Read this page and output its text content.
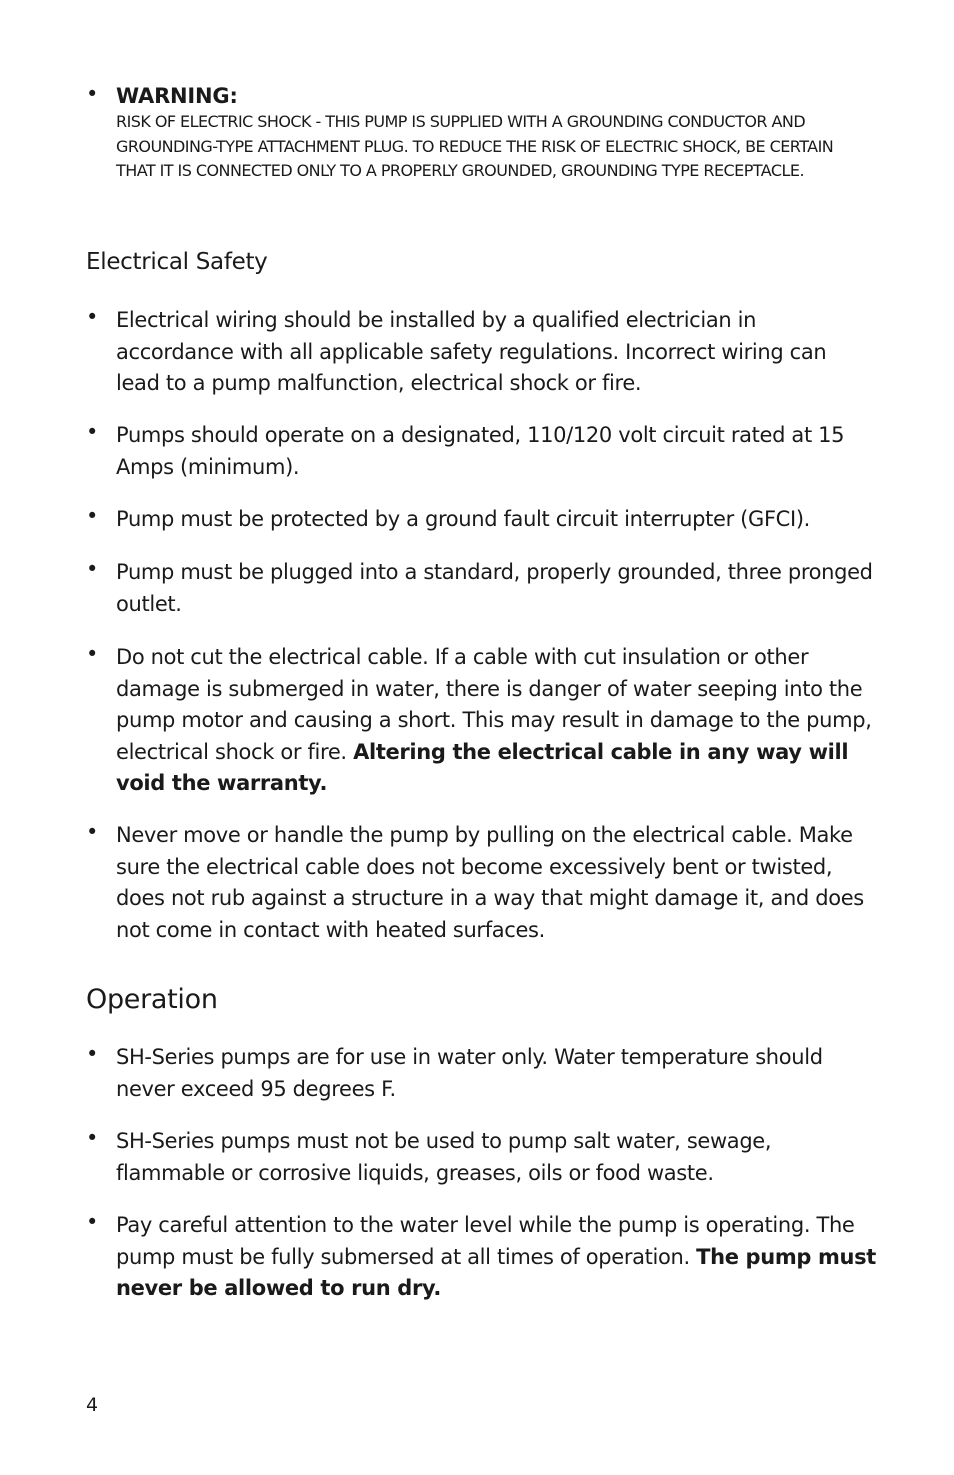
• WARNING:
RISK OF ELECTRIC SHOCK - THIS PUMP IS SUPPLIED WITH A GROUNDING CONDUCTOR AND GROUNDING-TYPE ATTACHMENT PLUG. TO REDUCE THE RISK OF ELECTRIC SHOCK, BE CERTAIN THAT IT IS CONNECTED ONLY TO A PROPERLY GROUNDED, GROUNDING TYPE RECEPTACLE.
Electrical Safety
• Electrical wiring should be installed by a qualified electrician in accordance with all applicable safety regulations. Incorrect wiring can lead to a pump malfunction, electrical shock or fire.
• Pumps should operate on a designated, 110/120 volt circuit rated at 15 Amps (minimum).
• Pump must be protected by a ground fault circuit interrupter (GFCI).
• Pump must be plugged into a standard, properly grounded, three pronged outlet.
• Do not cut the electrical cable. If a cable with cut insulation or other damage is submerged in water, there is danger of water seeping into the pump motor and causing a short. This may result in damage to the pump, electrical shock or fire. Altering the electrical cable in any way will void the warranty.
• Never move or handle the pump by pulling on the electrical cable. Make sure the electrical cable does not become excessively bent or twisted, does not rub against a structure in a way that might damage it, and does not come in contact with heated surfaces.
Operation
• SH-Series pumps are for use in water only. Water temperature should never exceed 95 degrees F.
• SH-Series pumps must not be used to pump salt water, sewage, flammable or corrosive liquids, greases, oils or food waste.
• Pay careful attention to the water level while the pump is operating. The pump must be fully submersed at all times of operation. The pump must never be allowed to run dry.
4
